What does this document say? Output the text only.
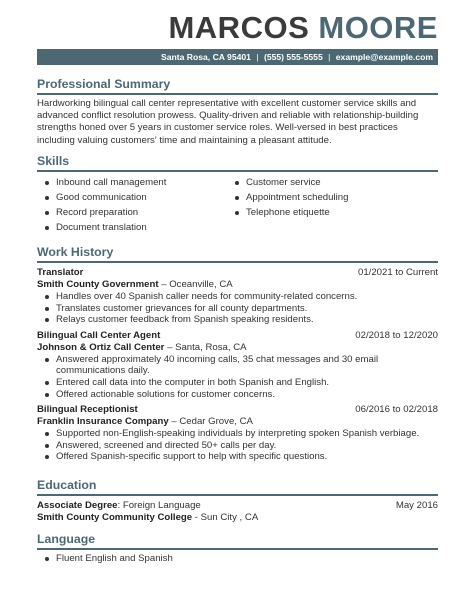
MARCOS MOORE
Santa Rosa, CA 95401 | (555) 555-5555 | example@example.com
Professional Summary
Hardworking bilingual call center representative with excellent customer service skills and advanced conflict resolution prowess. Quality-driven and reliable with relationship-building strengths honed over 5 years in customer service roles. Well-versed in best practices including valuing customers' time and maintaining a pleasant attitude.
Skills
Inbound call management
Good communication
Record preparation
Document translation
Customer service
Appointment scheduling
Telephone etiquette
Work History
Translator	01/2021 to Current
Smith County Government – Oceanville, CA
Handles over 40 Spanish caller needs for community-related concerns.
Translates customer grievances for all county departments.
Relays customer feedback from Spanish speaking residents.
Bilingual Call Center Agent	02/2018 to 12/2020
Johnson & Ortiz Call Center – Santa, Rosa, CA
Answered approximately 40 incoming calls, 35 chat messages and 30 email communications daily.
Entered call data into the computer in both Spanish and English.
Offered actionable solutions for customer concerns.
Bilingual Receptionist	06/2016 to 02/2018
Franklin Insurance Company – Cedar Grove, CA
Supported non-English-speaking individuals by interpreting spoken Spanish verbiage.
Answered, screened and directed 50+ calls per day.
Offered Spanish-specific support to help with specific questions.
Education
Associate Degree: Foreign Language	May 2016
Smith County Community College - Sun City , CA
Language
Fluent English and Spanish
